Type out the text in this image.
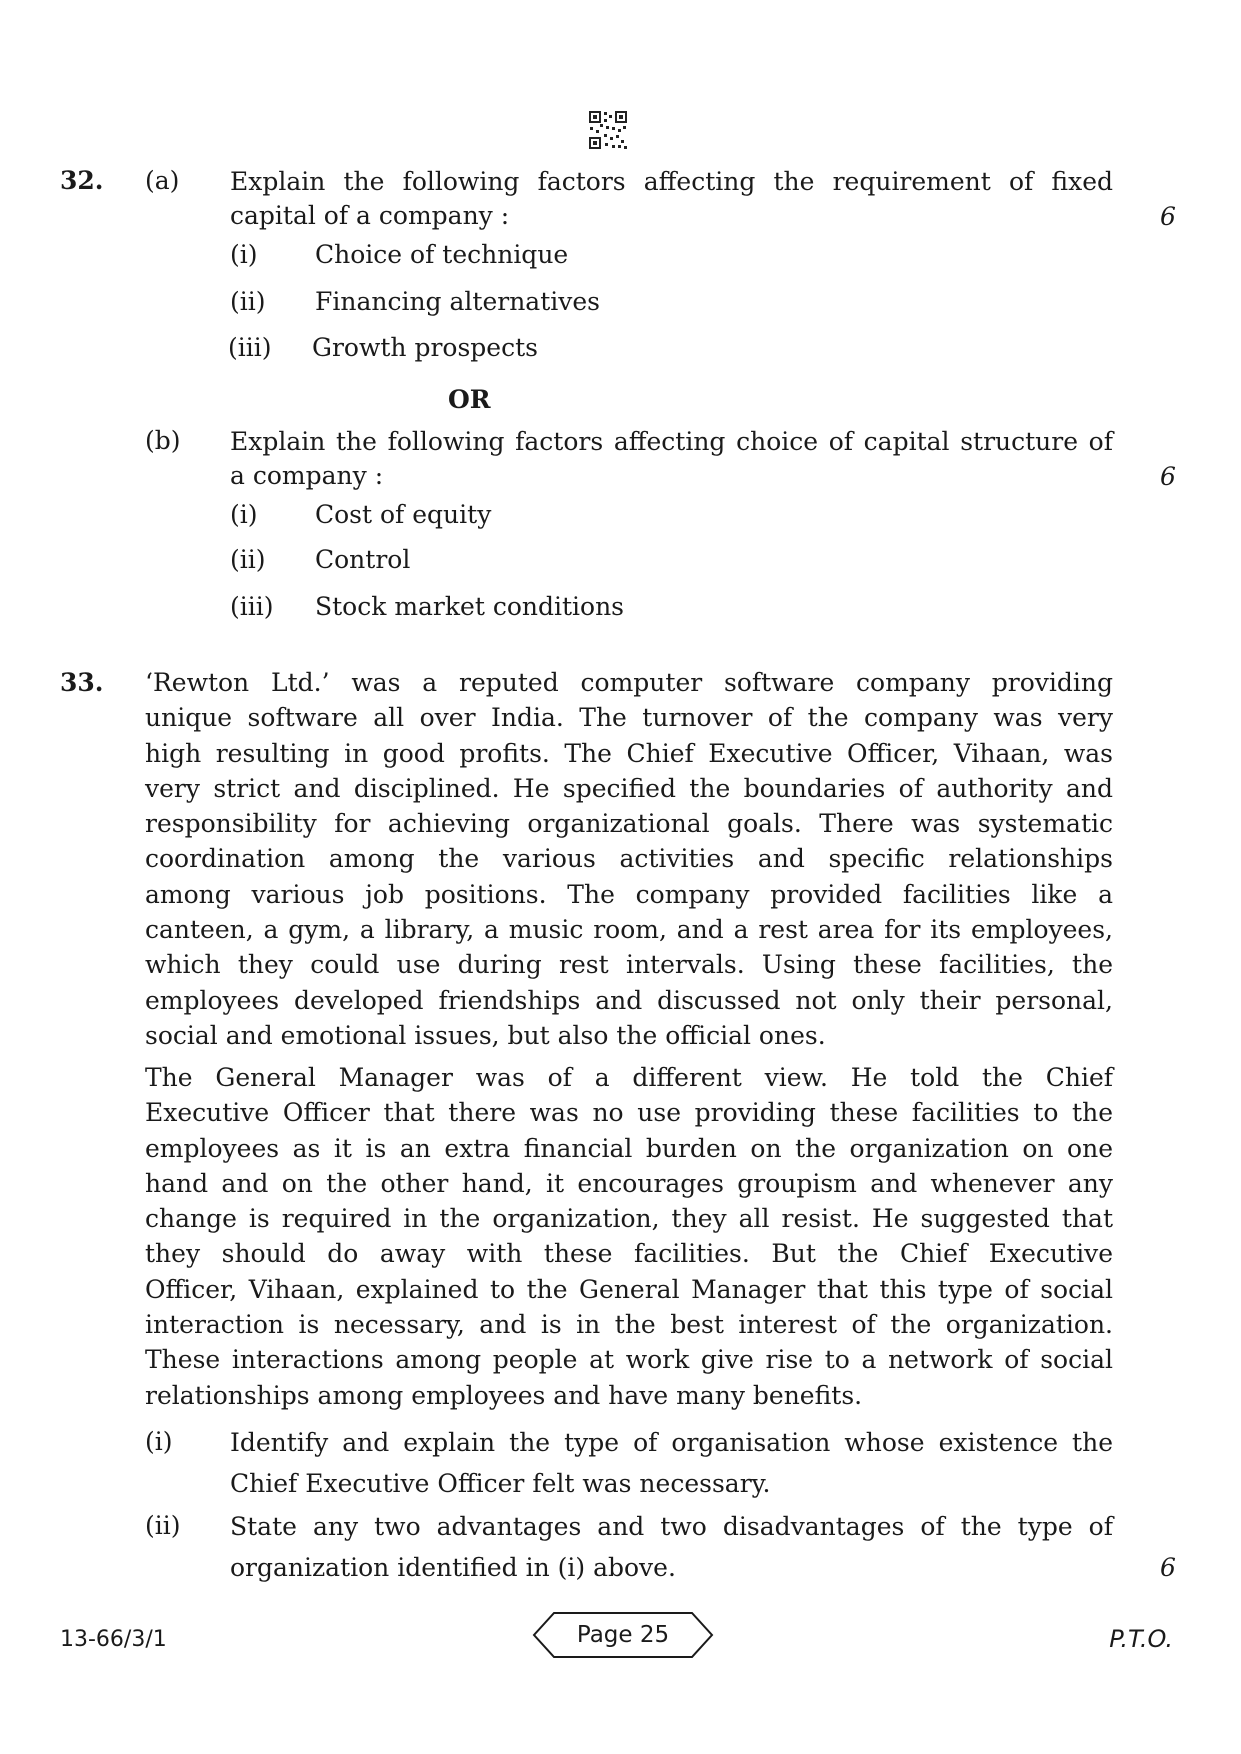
32. (a) Explain the following factors affecting the requirement of fixed
capital of a company :	6
(i) Choice of technique
(ii) Financing alternatives
(iii) Growth prospects
OR
(b) Explain the following factors affecting choice of capital structure of
a company :	6
(i) Cost of equity
(ii) Control
(iii) Stock market conditions
33. ‘Rewton Ltd.’ was a reputed computer software company providing
unique software all over India. The turnover of the company was very
high resulting in good profits. The Chief Executive Officer, Vihaan, was
very strict and disciplined. He specified the boundaries of authority and
responsibility for achieving organizational goals. There was systematic
coordination among the various activities and specific relationships
among various job positions. The company provided facilities like a
canteen, a gym, a library, a music room, and a rest area for its employees,
which they could use during rest intervals. Using these facilities, the
employees developed friendships and discussed not only their personal,
social and emotional issues, but also the official ones.
The General Manager was of a different view. He told the Chief
Executive Officer that there was no use providing these facilities to the
employees as it is an extra financial burden on the organization on one
hand and on the other hand, it encourages groupism and whenever any
change is required in the organization, they all resist. He suggested that
they should do away with these facilities. But the Chief Executive
Officer, Vihaan, explained to the General Manager that this type of social
interaction is necessary, and is in the best interest of the organization.
These interactions among people at work give rise to a network of social
relationships among employees and have many benefits.
(i) Identify and explain the type of organisation whose existence the
Chief Executive Officer felt was necessary.
(ii) State any two advantages and two disadvantages of the type of
organization identified in (i) above.	6
13-66/3/1	Page 25	P.T.O.
